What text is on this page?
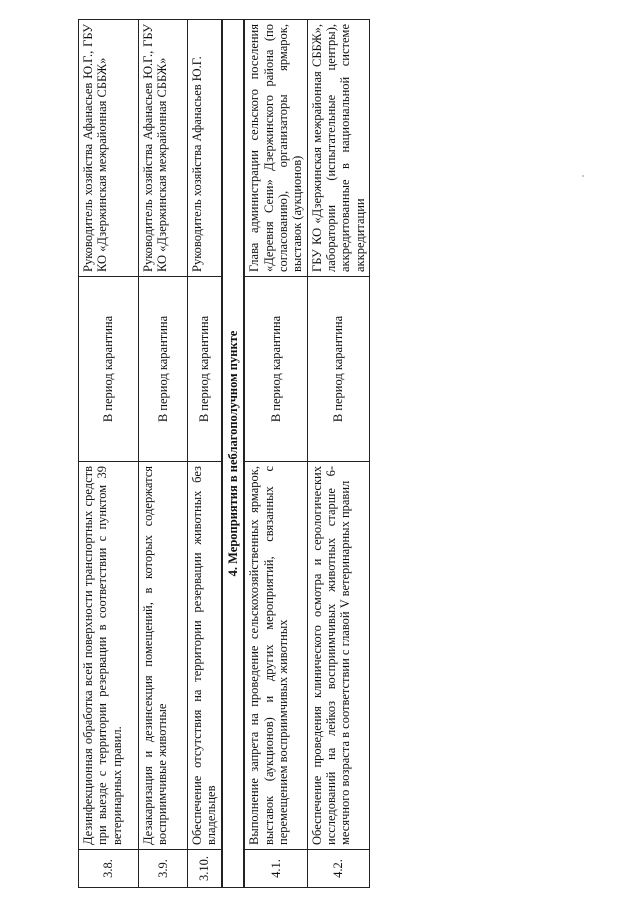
3.8.	Дезинфекционная обработка всей поверхности транспортных средств при выезде с территории резервации в соответствии с пунктом 39 ветеринарных правил.	В период карантина	Руководитель хозяйства Афанасьев Ю.Г., ГБУ КО «Дзержинская межрайонная СББЖ»
3.9.	Дезакаризация и дезинсекция помещений, в которых содержатся восприимчивые животные	В период карантина	Руководитель хозяйства Афанасьев Ю.Г., ГБУ КО «Дзержинская межрайонная СББЖ»
3.10.	Обеспечение отсутствия на территории резервации животных без владельцев	В период карантина	Руководитель хозяйства Афанасьев Ю.Г.
4. Мероприятия в неблагополучном пункте			
4.1.	Выполнение запрета на проведение сельскохозяйственных ярмарок, выставок (аукционов) и других мероприятий, связанных с перемещением восприимчивых животных	В период карантина	Глава администрации сельского поселения «Деревня Сени» Дзержинского района (по согласованию), организаторы ярмарок, выставок (аукционов)
4.2.	Обеспечение проведения клинического осмотра и серологических исследований на лейкоз восприимчивых животных старше 6-месячного возраста в соответствии с главой V ветеринарных правил	В период карантина	ГБУ КО «Дзержинская межрайонная СББЖ», лаборатории (испытательные центры), аккредитованные в национальной системе аккредитации
